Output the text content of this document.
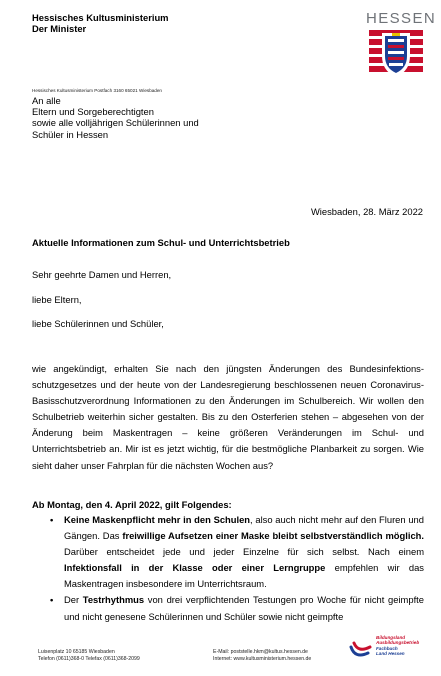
Hessisches Kultusministerium
Der Minister
HESSEN
Hessisches Kultusministerium Postfach 3160 65021 Wiesbaden
An alle
Eltern und Sorgeberechtigten
sowie alle volljährigen Schülerinnen und
Schüler in Hessen
Wiesbaden, 28. März 2022
Aktuelle Informationen zum Schul- und Unterrichtsbetrieb
Sehr geehrte Damen und Herren,
liebe Eltern,
liebe Schülerinnen und Schüler,

wie angekündigt, erhalten Sie nach den jüngsten Änderungen des Bundesinfektionsschutzgesetzes und der heute von der Landesregierung beschlossenen neuen Coronavirus-Basisschutzverordnung Informationen zu den Änderungen im Schulbereich. Wir wollen den Schulbetrieb weiterhin sicher gestalten. Bis zu den Osterferien stehen – abgesehen von der Änderung beim Maskentragen – keine größeren Veränderungen im Schul- und Unterrichtsbetrieb an. Mir ist es jetzt wichtig, für die bestmögliche Planbarkeit zu sorgen. Wie sieht daher unser Fahrplan für die nächsten Wochen aus?

Ab Montag, den 4. April 2022, gilt Folgendes:
• Keine Maskenpflicht mehr in den Schulen, also auch nicht mehr auf den Fluren und Gängen. Das freiwillige Aufsetzen einer Maske bleibt selbstverständlich möglich. Darüber entscheidet jede und jeder Einzelne für sich selbst. Nach einem Infektionsfall in der Klasse oder einer Lerngruppe empfehlen wir das Maskentragen insbesondere im Unterrichtsraum.
• Der Testrhythmus von drei verpflichtenden Testungen pro Woche für nicht geimpfte und nicht genesene Schülerinnen und Schüler sowie nicht geimpfte
Luisenplatz 10 65185 Wiesbaden
Telefon (0611)368-0 Telefax (0611)368-2099
E-Mail: poststelle.hkm@kultus.hessen.de
Internet: www.kultusministerium.hessen.de
Bildungsland
Ausbildungsbetrieb
Fachbuch
Land Hessen
